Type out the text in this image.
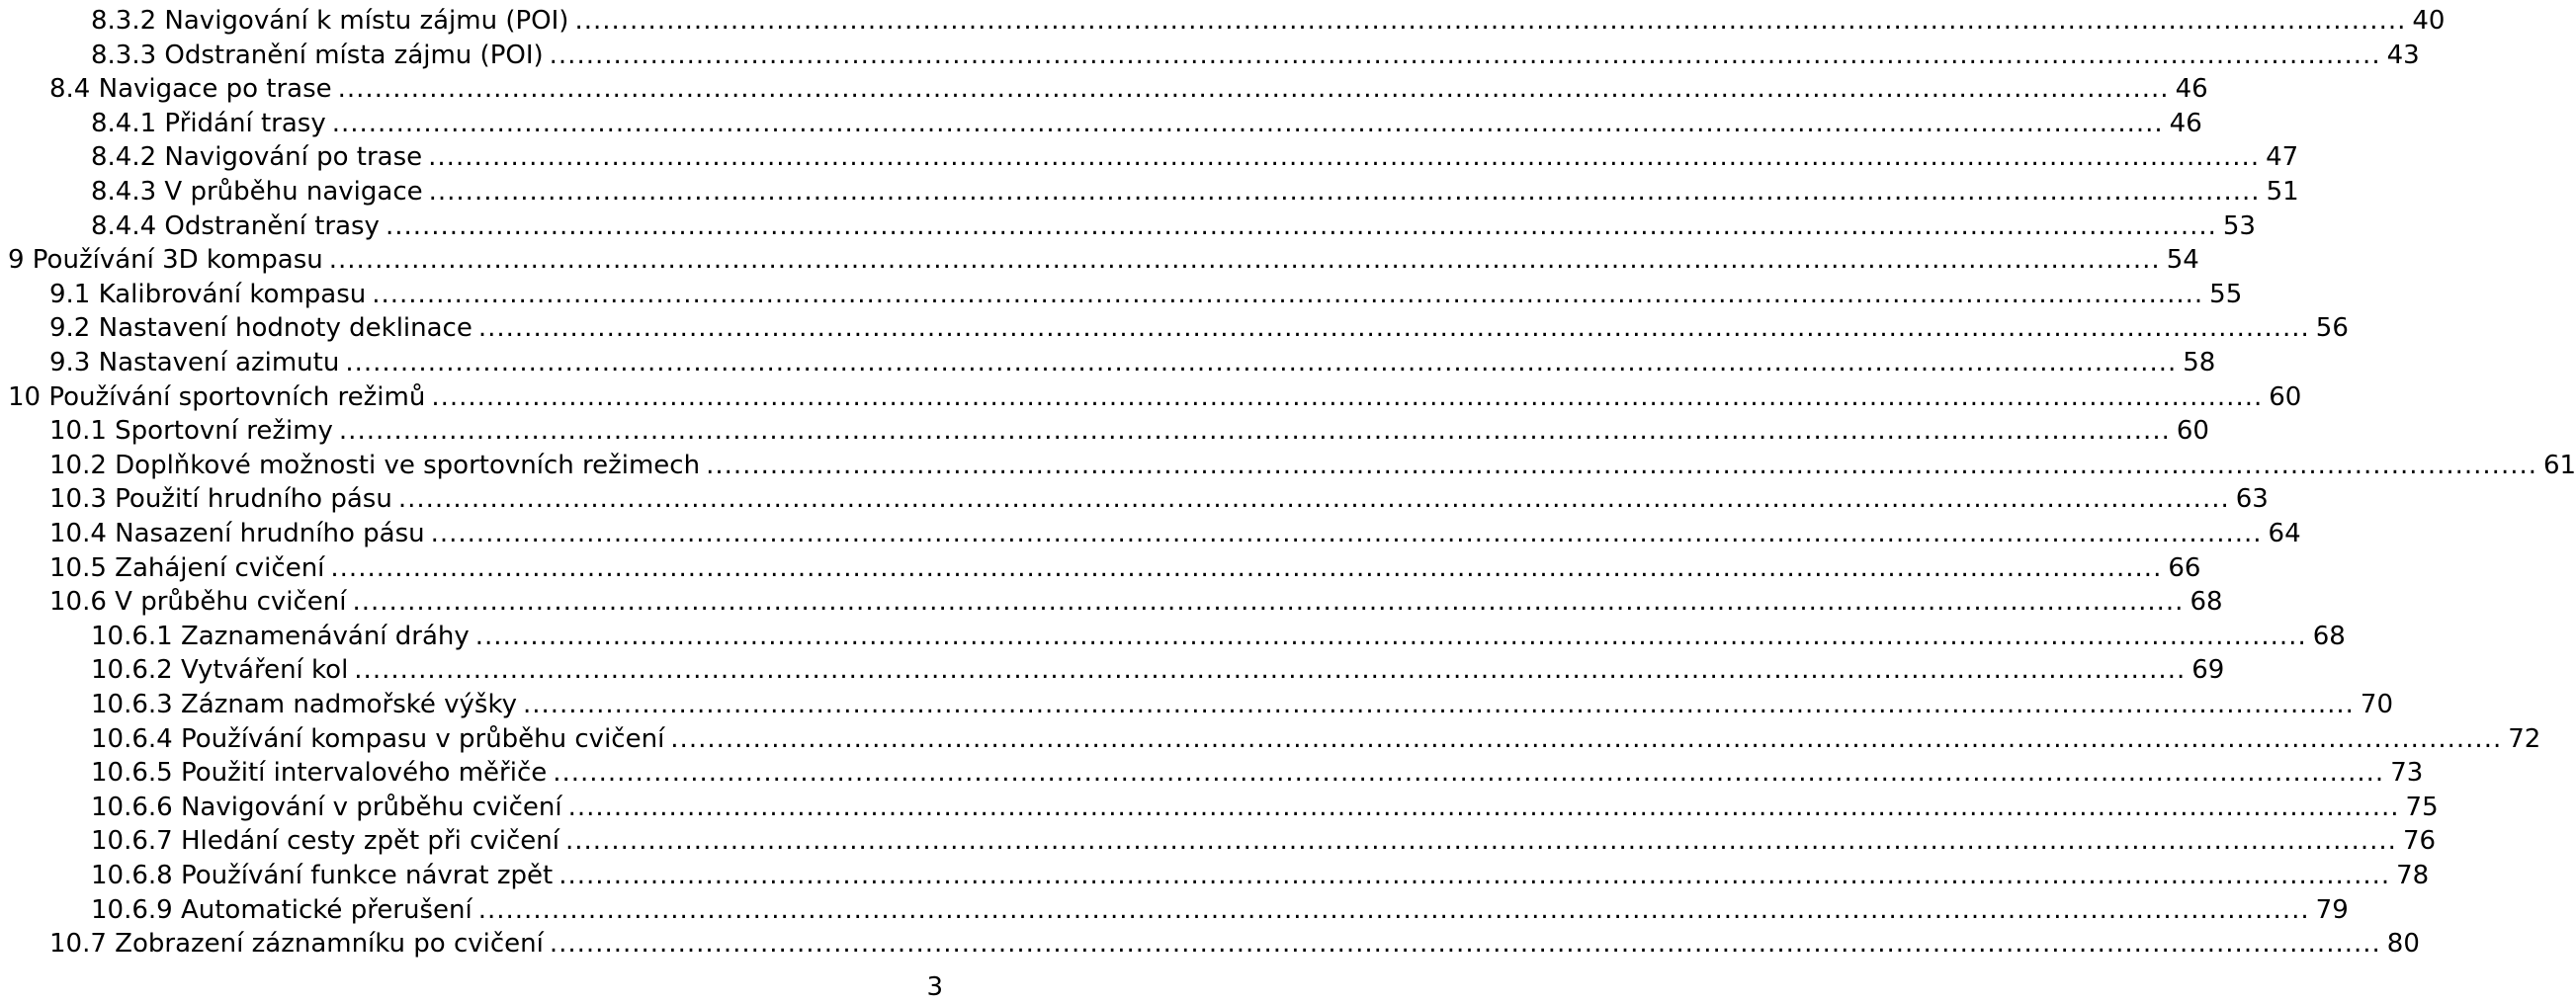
8.3.2 Navigování k místu zájmu (POI) ........................................................................................................................................................................................................ 40
8.3.3 Odstranění místa zájmu (POI) ........................................................................................................................................................................................................ 43
8.4 Navigace po trase ........................................................................................................................................................................................................ 46
8.4.1 Přidání trasy ........................................................................................................................................................................................................ 46
8.4.2 Navigování po trase ........................................................................................................................................................................................................ 47
8.4.3 V průběhu navigace ........................................................................................................................................................................................................ 51
8.4.4 Odstranění trasy ........................................................................................................................................................................................................ 53
9 Používání 3D kompasu ........................................................................................................................................................................................................ 54
9.1 Kalibrování kompasu ........................................................................................................................................................................................................ 55
9.2 Nastavení hodnoty deklinace ........................................................................................................................................................................................................ 56
9.3 Nastavení azimutu ........................................................................................................................................................................................................ 58
10 Používání sportovních režimů ........................................................................................................................................................................................................ 60
10.1 Sportovní režimy ........................................................................................................................................................................................................ 60
10.2 Doplňkové možnosti ve sportovních režimech ........................................................................................................................................................................................................ 61
10.3 Použití hrudního pásu ........................................................................................................................................................................................................ 63
10.4 Nasazení hrudního pásu ........................................................................................................................................................................................................ 64
10.5 Zahájení cvičení ........................................................................................................................................................................................................ 66
10.6 V průběhu cvičení ........................................................................................................................................................................................................ 68
10.6.1 Zaznamenávání dráhy ........................................................................................................................................................................................................ 68
10.6.2 Vytváření kol ........................................................................................................................................................................................................ 69
10.6.3 Záznam nadmořské výšky ........................................................................................................................................................................................................ 70
10.6.4 Používání kompasu v průběhu cvičení ........................................................................................................................................................................................................ 72
10.6.5 Použití intervalového měřiče ........................................................................................................................................................................................................ 73
10.6.6 Navigování v průběhu cvičení ........................................................................................................................................................................................................ 75
10.6.7 Hledání cesty zpět při cvičení ........................................................................................................................................................................................................ 76
10.6.8 Používání funkce návrat zpět ........................................................................................................................................................................................................ 78
10.6.9 Automatické přerušení ........................................................................................................................................................................................................ 79
10.7 Zobrazení záznamníku po cvičení ........................................................................................................................................................................................................ 80
3
